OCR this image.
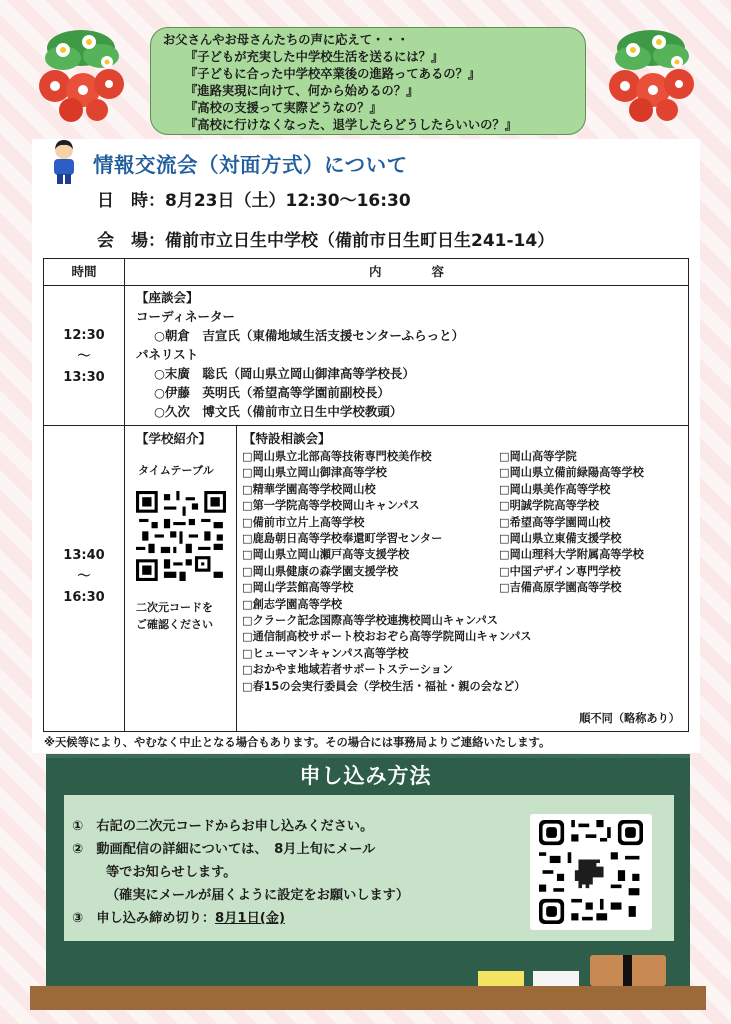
お父さんやお母さんたちの声に応えて・・・
『子どもが充実した中学校生活を送るには？』
『子どもに合った中学校卒業後の進路ってあるの？』
『進路実現に向けて、何から始めるの？』
『高校の支援って実際どうなの？』
『高校に行けなくなった、退学したらどうしたらいいの？』
情報交流会（対面方式）について
日　時：8月23日（土）12:30〜16:30
会　場：備前市立日生中学校（備前市日生町日生241-14）
時間	内　　　　容
12:30
〜
13:30
【座談会】
コーディネーター
○朝倉　吉宣氏（東備地域生活支援センターふらっと）
パネリスト
○末廣　聡氏（岡山県立岡山御津高等学校長）
○伊藤　英明氏（希望高等学園前副校長）
○久次　博文氏（備前市立日生中学校教頭）
13:40
〜
16:30
【学校紹介】
タイムテーブル
二次元コードを
ご確認ください
【特設相談会】
□岡山県立北部高等技術専門校美作校
□岡山県立岡山御津高等学校
□精華学園高等学校岡山校
□第一学院高等学校岡山キャンパス
□備前市立片上高等学校
□鹿島朝日高等学校奉還町学習センター
□岡山県立岡山瀬戸高等支援学校
□岡山県健康の森学園支援学校
□岡山学芸館高等学校
□創志学園高等学校
□クラーク記念国際高等学校連携校岡山キャンパス
□通信制高校サポート校おおぞら高等学院岡山キャンパス
□ヒューマンキャンパス高等学校
□おかやま地域若者サポートステーション
□春15の会実行委員会（学校生活・福祉・親の会など）
□岡山高等学院
□岡山県立備前緑陽高等学校
□岡山県美作高等学校
□明誠学院高等学校
□希望高等学園岡山校
□岡山県立東備支援学校
□岡山理科大学附属高等学校
□中国デザイン専門学校
□吉備高原学園高等学校
順不同（略称あり）
※天候等により、やむなく中止となる場合もあります。その場合には事務局よりご連絡いたします。
申し込み方法
①　右記の二次元コードからお申し込みください。
②　動画配信の詳細については、　8月上旬にメール
等でお知らせします。
（確実にメールが届くように設定をお願いします）
③　申し込み締め切り：8月1日(金)
